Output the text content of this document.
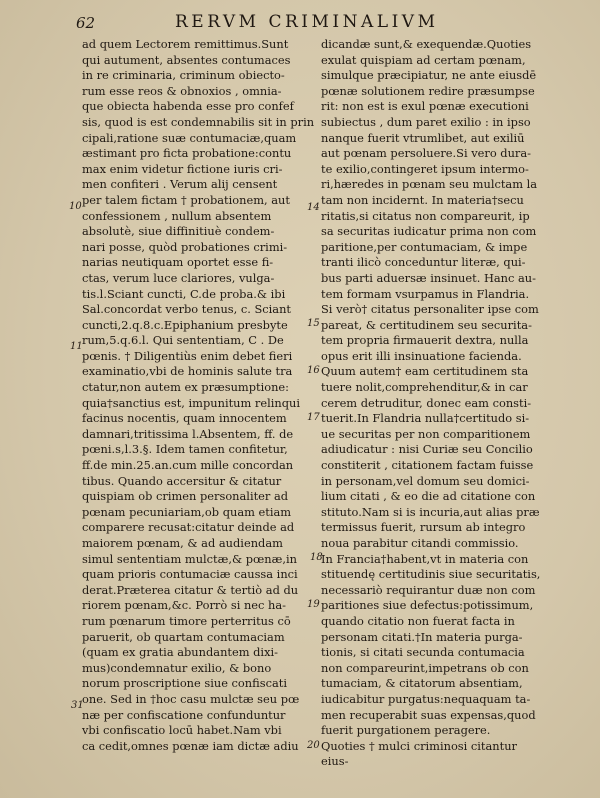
62	RERVM CRIMINALIVM
ad quem Lectorem remittimus.Sunt
qui autument, absentes contumaces
in re criminaria, criminum obiecto-
rum esse reos & obnoxios , omnia-
que obiecta habenda esse pro confef
sis, quod is est condemnabilis sit in prin
cipali,ratione suæ contumaciæ,quam
æstimant pro ficta probatione:contu
max enim videtur fictione iuris cri-
men confiteri . Verum alij censent
per talem fictam † probationem, aut
confessionem , nullum absentem
absolutè, siue diffinitiuè condem-
nari posse, quòd probationes crimi-
narias neutiquam oportet esse fi-
ctas, verum luce clariores, vulga-
tis.l.Sciant cuncti, C.de proba.& ibi
Sal.concordat verbo tenus, c. Sciant
cuncti,2.q.8.c.Epiphanium presbyte
rum,5.q.6.l. Qui sententiam, C . De
pœnis. † Diligentiùs enim debet fieri
examinatio,vbi de hominis salute tra
ctatur,non autem ex præsumptione:
quia†sanctius est, impunitum relinqui
facinus nocentis, quam innocentem
damnari,tritissima l.Absentem, ff. de
pœni.s,l.3.§. Idem tamen confitetur,
ff.de min.25.an.cum mille concordan
tibus. Quando accersitur & citatur
quispiam ob crimen personaliter ad
pœnam pecuniariam,ob quam etiam
comparere recusat:citatur deinde ad
maiorem pœnam, & ad audiendam
simul sententiam mulctæ,& pœnæ,in
quam prioris contumaciæ caussa inci
derat.Præterea citatur & tertiò ad du
riorem pœnam,&c. Porrò si nec ha-
rum pœnarum timore perterritus cō
paruerit, ob quartam contumaciam
(quam ex gratia abundantem dixi-
mus)condemnatur exilio, & bono
norum proscriptione siue confiscati
one. Sed in †hoc casu mulctæ seu pœ
næ per confiscatione confunduntur
vbi confiscatio locū habet.Nam vbi
ca cedit,omnes pœnæ iam dictæ adiu
dicandæ sunt,& exequendæ.Quoties
exulat quispiam ad certam pœnam,
simulque præcipiatur, ne ante eiusdē
pœnæ solutionem redire præsumpse
rit: non est is exul pœnæ executioni
subiectus , dum paret exilio : in ipso
nanque fuerit vtrumlibet, aut exiliū
aut pœnam persoluere.Si vero dura-
te exilio,contingeret ipsum intermo-
ri,hæredes in pœnam seu mulctam la
tam non incidernt. In materia†secu
ritatis,si citatus non compareurit, ip
sa securitas iudicatur prima non com
paritione,per contumaciam, & impe
tranti ilicò conceduntur literæ, qui-
bus parti aduersæ insinuet. Hanc au-
tem formam vsurpamus in Flandria.
Si verò† citatus personaliter ipse com
pareat, & certitudinem seu securita-
tem propria firmauerit dextra, nulla
opus erit illi insinuatione facienda.
Quum autem† eam certitudinem sta
tuere nolit,comprehenditur,& in car
cerem detruditur, donec eam consti-
tuerit.In Flandria nulla†certitudo si-
ue securitas per non comparitionem
adiudicatur : nisi Curiæ seu Concilio
constiterit , citationem factam fuisse
in personam,vel domum seu domici-
lium citati , & eo die ad citatione con
stituto.Nam si is incuria,aut alias præ
termissus fuerit, rursum ab integro
noua parabitur citandi commissio.
In Francia†habent,vt in materia con
stituendę certitudinis siue securitatis,
necessariò requirantur duæ non com
paritiones siue defectus:potissimum,
quando citatio non fuerat facta in
personam citati.†In materia purga-
tionis, si citati secunda contumacia
non compareurint,impetrans ob con
tumaciam, & citatorum absentiam,
iudicabitur purgatus:nequaquam ta-
men recuperabit suas expensas,quod
fuerit purgationem peragere.
Quoties † mulci criminosi citantur
eius-
10
11
31
14
15
16
17
18
19
20
